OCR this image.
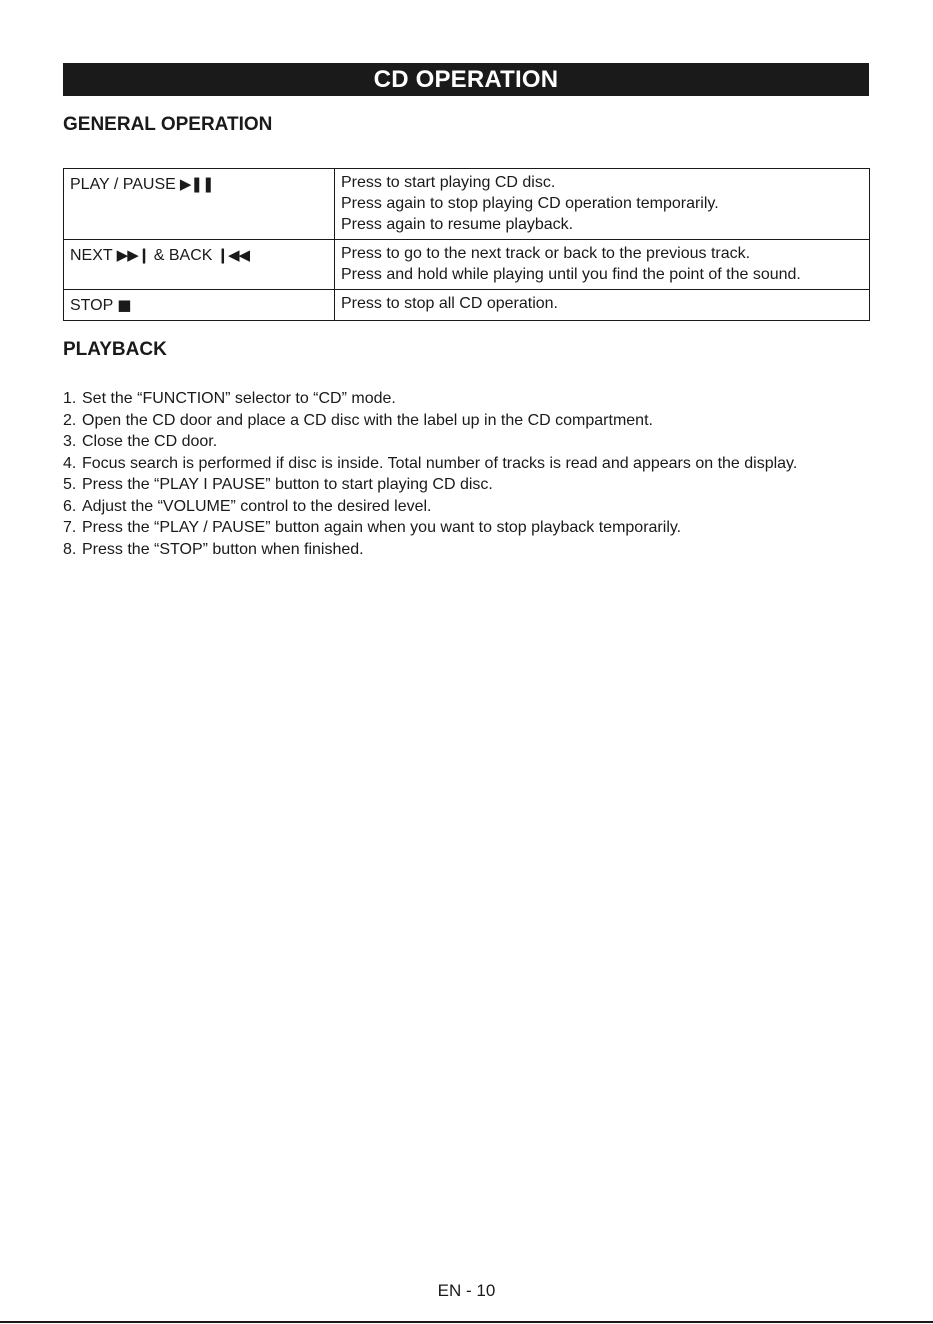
CD OPERATION
GENERAL OPERATION
PLAY / PAUSE ▶❚❚	Press to start playing CD disc.
Press again to stop playing CD operation temporarily.
Press again to resume playback.

NEXT ▶▶❙ & BACK ❙◀◀	Press to go to the next track or back to the previous track.
Press and hold while playing until you find the point of the sound.

STOP ■	Press to stop all CD operation.
PLAYBACK
1. Set the “FUNCTION” selector to “CD” mode.
2. Open the CD door and place a CD disc with the label up in the CD compartment.
3. Close the CD door.
4. Focus search is performed if disc is inside. Total number of tracks is read and appears on the display.
5. Press the “PLAY I PAUSE” button to start playing CD disc.
6. Adjust the “VOLUME” control to the desired level.
7. Press the “PLAY / PAUSE” button again when you want to stop playback temporarily.
8. Press the “STOP” button when finished.
EN - 10
